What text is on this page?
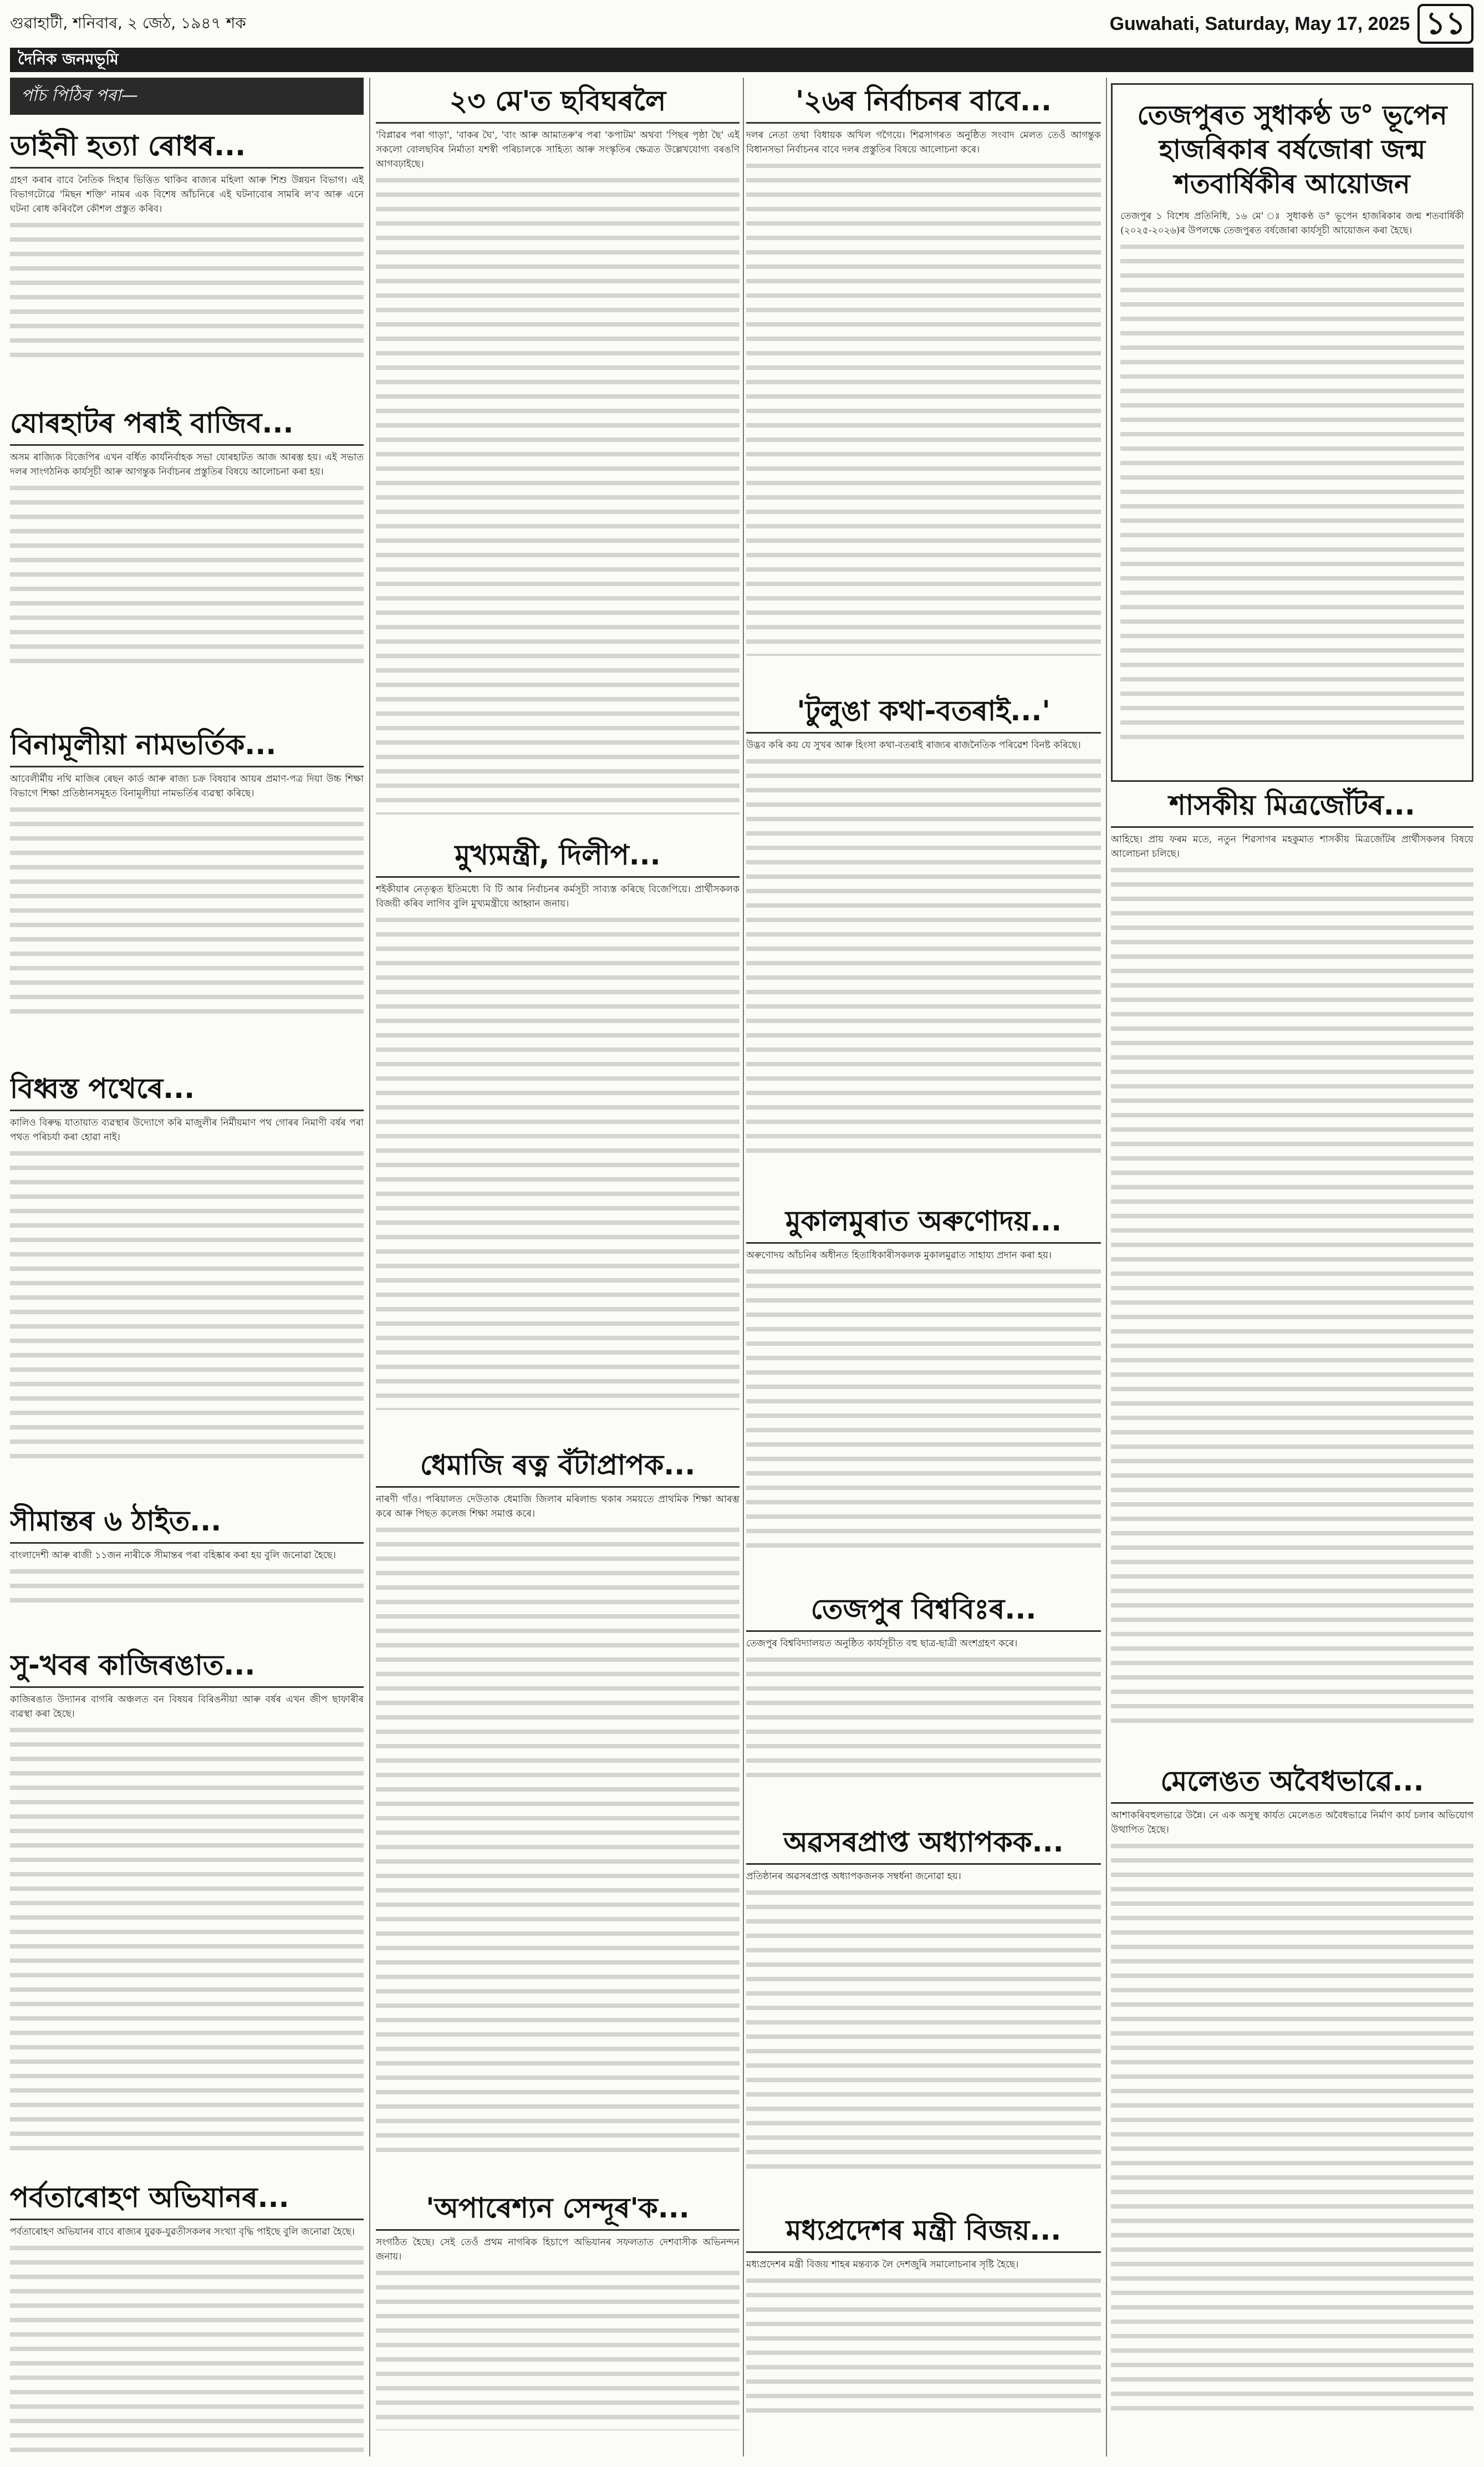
গুৱাহাটী, শনিবাৰ, ২ জেঠ, ১৯৪৭ শক	Guwahati, Saturday, May 17, 2025 ১১
দৈনিক জনমভূমি
পাঁচ পিঠিৰ পৰা—
ডাইনী হত্যা ৰোধৰ...
গ্ৰহণ কৰাৰ বাবে নৈতিক দিহাৰ ভিত্তিত থাকিব ৰাজ্যৰ মহিলা আৰু শিশু উন্নয়ন বিভাগ। এই বিভাগটোৱে 'মিছন শক্তি' নামৰ এক বিশেষ আঁচনিৰে এই ঘটনাবোৰ সামৰি ল'ব আৰু এনে ঘটনা ৰোধ কৰিবলৈ কৌশল প্ৰস্তুত কৰিব।
যোৰহাটৰ পৰাই বাজিব...
অসম ৰাজ্যিক বিজেপিৰ এখন বৰ্ধিত কাৰ্যনিৰ্বাহক সভা যোৰহাটত আজ আৰম্ভ হয়। এই সভাত দলৰ সাংগঠনিক কাৰ্যসূচী আৰু আগন্তুক নিৰ্বাচনৰ প্ৰস্তুতিৰ বিষয়ে আলোচনা কৰা হয়।
বিনামূলীয়া নামভৰ্তিক...
আবেলীৰ্মীয় নথি মাজিৰ ৰেছন কাৰ্ড আৰু ৰাজ্য চক্ৰ বিষয়াৰ আয়ৰ প্ৰমাণ-পত্ৰ দিয়া উচ্চ শিক্ষা বিভাগে শিক্ষা প্ৰতিষ্ঠানসমূহত বিনামূলীয়া নামভৰ্তিৰ ব্যৱস্থা কৰিছে।
বিধ্বস্ত পথেৰে...
কালিও বিৰুদ্ধ যাতায়াত ব্যৱস্থাৰ উদ্যোগে কৰি মাজুলীৰ নিৰ্মীয়মাণ পথ গোৰৰ নিমাণী বৰ্ষৰ পৰা পথত পৰিচৰ্যা কৰা হোৱা নাই।
সীমান্তৰ ৬ ঠাইত...
বাংলাদেশী আৰু ৰাজী ১১জন নাৰীকে সীমান্তৰ পৰা বহিষ্কাৰ কৰা হয় বুলি জনোৱা হৈছে।
সু-খবৰ কাজিৰঙাত...
কাজিৰঙাত উদ্যানৰ বাগৰি অঞ্চলত বন বিষয়ৰ বিৰিঙনীয়া আৰু বৰ্ষৰ এখন জীপ ছাফাৰীৰ ব্যৱস্থা কৰা হৈছে।
পৰ্বতাৰোহণ অভিযানৰ...
পৰ্বতাৰোহণ অভিযানৰ বাবে ৰাজ্যৰ যুৱক-যুৱতীসকলৰ সংখ্যা বৃদ্ধি পাইছে বুলি জনোৱা হৈছে।
২৩ মে'ত ছবিঘৰলৈ
'বিপ্লাৱৰ পৰা গাড়া', 'বাকৰ ঘৈ', 'বাং আৰু আমাতৰু'ৰ পৰা 'কপাটম' অথবা 'পিছৰ পৃষ্ঠা ছৈ' এই সকলো বোলছবিৰ নিৰ্মাতা যশস্বী পৰিচালকে সাহিত্য আৰু সংস্কৃতিৰ ক্ষেত্ৰত উল্লেখযোগ্য বৰঙণি আগবঢ়াইছে।
মুখ্যমন্ত্ৰী, দিলীপ...
শইকীয়াৰ নেতৃত্বত ইতিমধ্যে বি টি আৰ নিৰ্বাচনৰ কৰ্মসূচী সাব্যস্ত কৰিছে বিজেপিয়ে। প্ৰাৰ্থীসকলক বিজয়ী কৰিব লাগিব বুলি মুখ্যমন্ত্ৰীয়ে আহ্বান জনায়।
ধেমাজি ৰত্ন বঁটাপ্ৰাপক...
নাৰণী গাঁও। পৰিয়ালত দেউতাক ধেমাজি জিলাৰ মৰিলান্ড থকাৰ সময়তে প্ৰাথমিক শিক্ষা আৰম্ভ কৰে আৰু পিছত কলেজ শিক্ষা সমাপ্ত কৰে।
'অপাৰেশ্যন সেন্দূৰ'ক...
সংগঠিত হৈছে। সেই তেওঁ প্ৰথম নাগৰিক হিচাপে অভিযানৰ সফলতাত দেশবাসীক অভিনন্দন জনায়।
'২৬ৰ নিৰ্বাচনৰ বাবে...
দলৰ নেতা তথা বিধায়ক অখিল গগৈয়ে। শিৱসাগৰত অনুষ্ঠিত সংবাদ মেলত তেওঁ আগন্তুক বিধানসভা নিৰ্বাচনৰ বাবে দলৰ প্ৰস্তুতিৰ বিষয়ে আলোচনা কৰে।
'টুলুঙা কথা-বতৰাই...'
উদ্ভব কৰি কয় যে সুখৰ আৰু হিংসা কথা-বতৰাই ৰাজ্যৰ ৰাজনৈতিক পৰিৱেশ বিনষ্ট কৰিছে।
মুকালমুৰাত অৰুণোদয়...
অৰুণোদয় আঁচনিৰ অধীনত হিতাধিকাৰীসকলক মুকালমুৱাত সাহায্য প্ৰদান কৰা হয়।
তেজপুৰ বিশ্ববিঃৰ...
তেজপুৰ বিশ্ববিদ্যালয়ত অনুষ্ঠিত কাৰ্যসূচীত বহু ছাত্ৰ-ছাত্ৰী অংশগ্ৰহণ কৰে।
অৱসৰপ্ৰাপ্ত অধ্যাপকক...
প্ৰতিষ্ঠানৰ অৱসৰপ্ৰাপ্ত অধ্যাপকজনক সম্বৰ্ধনা জনোৱা হয়।
মধ্যপ্ৰদেশৰ মন্ত্ৰী বিজয়...
মধ্যপ্ৰদেশৰ মন্ত্ৰী বিজয় শাহৰ মন্তব্যক লৈ দেশজুৰি সমালোচনাৰ সৃষ্টি হৈছে।
তেজপুৰত সুধাকণ্ঠ ড° ভূপেন হাজৰিকাৰ বৰ্ষজোৰা জন্ম শতবাৰ্ষিকীৰ আয়োজন
তেজপুৰ ১ বিশেষ প্ৰতিনিধি, ১৬ মে' ঃ সুধাকণ্ঠ ড° ভূপেন হাজৰিকাৰ জন্ম শতবাৰ্ষিকী (২০২৫-২০২৬)ৰ উপলক্ষে তেজপুৰত বৰ্ষজোৰা কাৰ্যসূচী আয়োজন কৰা হৈছে।
শাসকীয় মিত্ৰজোঁটৰ...
আহিছে। প্ৰায় ফৰম মতে, নতুন শিৱসাগৰ মহকুমাত শাসকীয় মিত্ৰজোঁটৰ প্ৰাৰ্থীসকলৰ বিষয়ে আলোচনা চলিছে।
মেলেঙত অবৈধভাৱে...
আশাকৰিবহুলভাৱে উন্নৈ। নে এক অসুস্থ কাৰ্যত মেলেঙত অবৈধভাৱে নিৰ্মাণ কাৰ্য চলাৰ অভিযোগ উত্থাপিত হৈছে।
